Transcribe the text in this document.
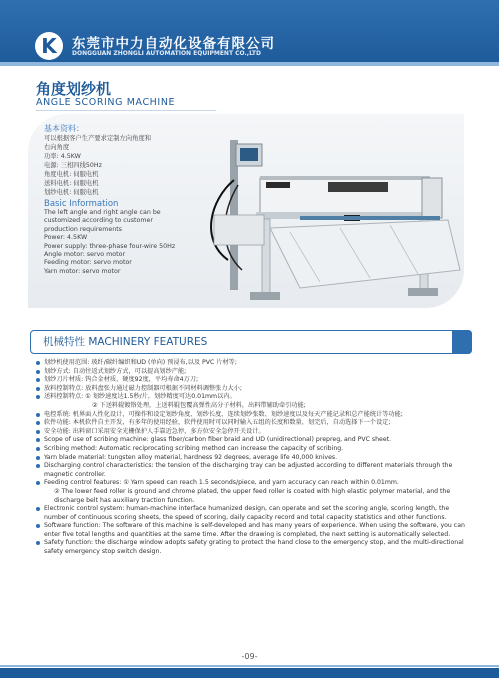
K	东莞市中力自动化设备有限公司
DONGGUAN ZHONGLI AUTOMATION EQUIPMENT CO.,LTD
角度划纱机
ANGLE SCORING MACHINE
基本资料：
可以根据客户生产要求定制左向角度和
右向角度
功率: 4.5KW
电源: 三相四线50Hz
角度电机: 伺服电机
送料电机: 伺服电机
划纱电机: 伺服电机
Basic Information
The left angle and right angle can be
customized according to customer
production requirements
Power: 4.5KW
Power supply: three-phase four-wire 50Hz
Angle motor: servo motor
Feeding motor: servo motor
Yarn motor: servo motor
机械特性 MACHINERY FEATURES
划纱机使用范围: 玻纤/碳纤编织和UD (单向) 预浸布,以及 PVC 片材等;
划纱方式: 自动往返式划纱方式，可以提高划纱产能;
划纱刀片材质: 钨合金材质，硬度92度，平均寿命4万刀;
放料控制特点: 放料盘张力通过磁力控制器可根据不同材料调整张力大小;
送料控制特点: ① 划纱速度达1.5秒/片，划纱精度可达0.01mm以内。
② 下送料辊镀铬处理，上送料辊包覆高弹性高分子材料，出料带辅助牵引功能;
电控系统: 机界面人性化设计，可操作和设定划纱角度、划纱长度、连续划纱张数、划纱速度以及每天产能记录和总产能统计等功能;
软件功能: 本机软件自主开发，有多年的使用经验，软件使用时可以同时输入五组的长度和数量，划完后，自动选择下一个设定;
安全功能: 出料窗口采用安全光栅保护人手靠近急停，多方位安全急停开关设计。
Scope of use of scribing machine: glass fiber/carbon fiber braid and UD (unidirectional) prepreg, and PVC sheet.
Scribing method: Automatic reciprocating scribing method can increase the capacity of scribing.
Yarn blade material: tungsten alloy material, hardness 92 degrees, average life 40,000 knives.
Discharging control characteristics: the tension of the discharging tray can be adjusted according to different materials through the magnetic controller.
Feeding control features: ① Yarn speed can reach 1.5 seconds/piece, and yarn accuracy can reach within 0.01mm.
② The lower feed roller is ground and chrome plated, the upper feed roller is coated with high elastic polymer material, and the discharge belt has auxiliary traction function.
Electronic control system: human-machine interface humanized design, can operate and set the scoring angle, scoring length, the number of continuous scoring sheets, the speed of scoring, daily capacity record and total capacity statistics and other functions.
Software function: The software of this machine is self-developed and has many years of experience. When using the software, you can enter five total lengths and quantities at the same time. After the drawing is completed, the next setting is automatically selected.
Safety function: the discharge window adopts safety grating to protect the hand close to the emergency stop, and the multi-directional safety emergency stop switch design.
-09-
